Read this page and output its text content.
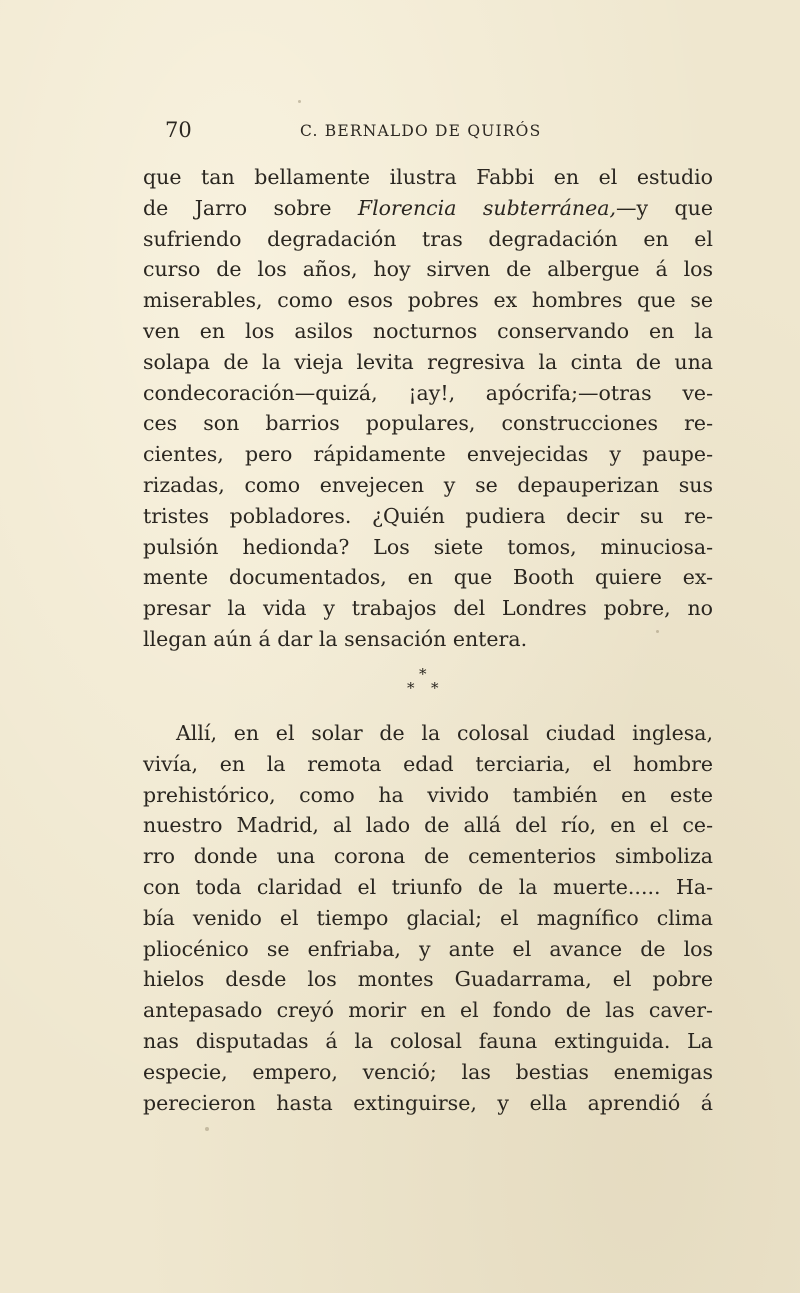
70	C. BERNALDO DE QUIRÓS
que tan bellamente ilustra Fabbi en el estudio
de Jarro sobre Florencia subterránea,—y que
sufriendo degradación tras degradación en el
curso de los años, hoy sirven de albergue á los
miserables, como esos pobres ex hombres que se
ven en los asilos nocturnos conservando en la
solapa de la vieja levita regresiva la cinta de una
condecoración—quizá, ¡ay!, apócrifa;—otras ve-
ces son barrios populares, construcciones re-
cientes, pero rápidamente envejecidas y paupe-
rizadas, como envejecen y se depauperizan sus
tristes pobladores. ¿Quién pudiera decir su re-
pulsión hedionda? Los siete tomos, minuciosa-
mente documentados, en que Booth quiere ex-
presar la vida y trabajos del Londres pobre, no
llegan aún á dar la sensación entera.
*
* *
Allí, en el solar de la colosal ciudad inglesa,
vivía, en la remota edad terciaria, el hombre
prehistórico, como ha vivido también en este
nuestro Madrid, al lado de allá del río, en el ce-
rro donde una corona de cementerios simboliza
con toda claridad el triunfo de la muerte..... Ha-
bía venido el tiempo glacial; el magnífico clima
pliocénico se enfriaba, y ante el avance de los
hielos desde los montes Guadarrama, el pobre
antepasado creyó morir en el fondo de las caver-
nas disputadas á la colosal fauna extinguida. La
especie, empero, venció; las bestias enemigas
perecieron hasta extinguirse, y ella aprendió á
